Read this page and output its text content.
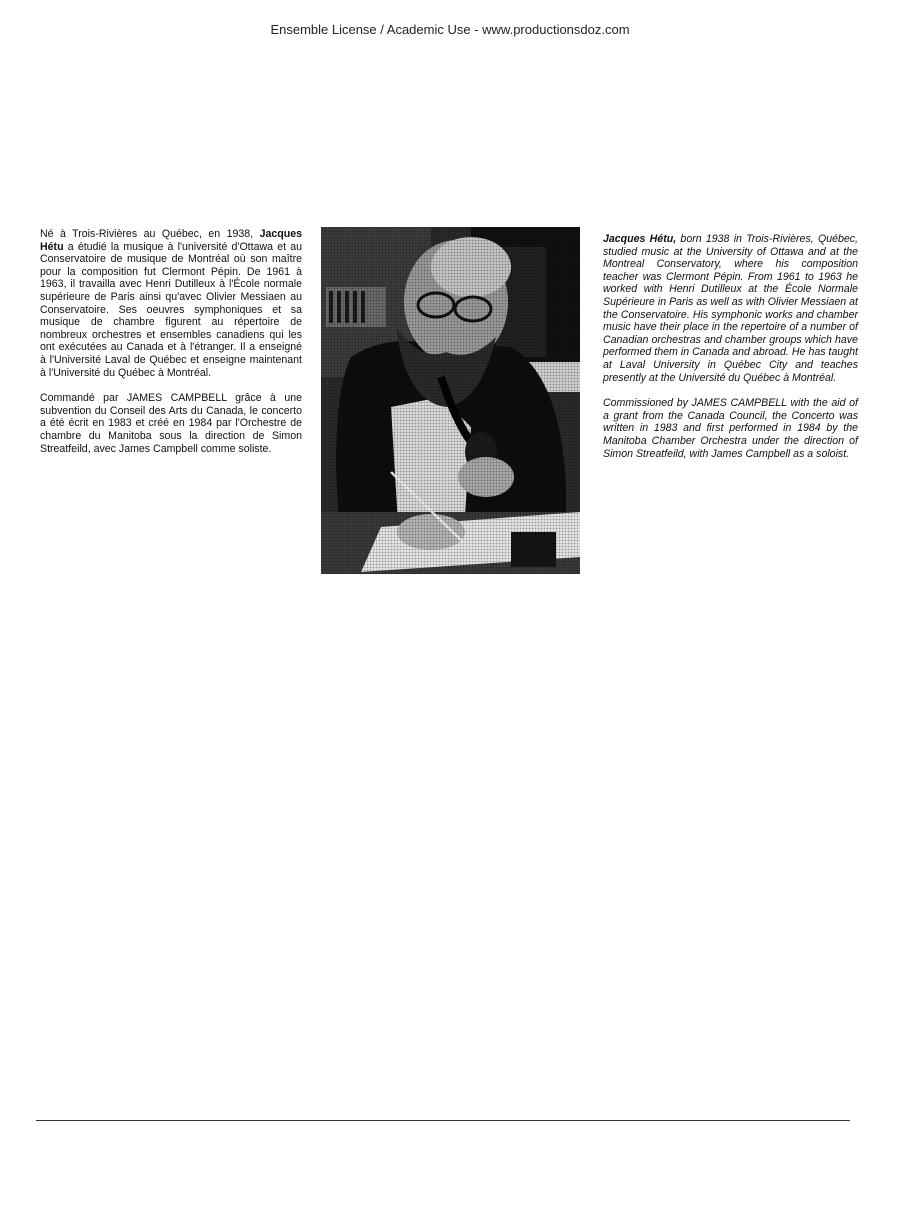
Ensemble License / Academic Use - www.productionsdoz.com

Né à Trois-Rivières au Québec, en 1938, Jacques Hétu a étudié la musique à l'université d'Ottawa et au Conservatoire de musique de Montréal où son maître pour la composition fut Clermont Pépin. De 1961 à 1963, il travailla avec Henri Dutilleux à l'École normale supérieure de Paris ainsi qu'avec Olivier Messiaen au Conservatoire. Ses oeuvres symphoniques et sa musique de chambre figurent au répertoire de nombreux orchestres et ensembles canadiens qui les ont exécutées au Canada et à l'étranger. Il a enseigné à l'Université Laval de Québec et enseigne maintenant à l'Université du Québec à Montréal.

Commandé par JAMES CAMPBELL grâce à une subvention du Conseil des Arts du Canada, le concerto a été écrit en 1983 et créé en 1984 par l'Orchestre de chambre du Manitoba sous la direction de Simon Streatfeild, avec James Campbell comme soliste.

Jacques Hétu, born 1938 in Trois-Rivières, Québec, studied music at the University of Ottawa and at the Montreal Conservatory, where his composition teacher was Clermont Pépin. From 1961 to 1963 he worked with Henri Dutilleux at the École Normale Supérieure in Paris as well as with Olivier Messiaen at the Conservatoire. His symphonic works and chamber music have their place in the repertoire of a number of Canadian orchestras and chamber groups which have performed them in Canada and abroad. He has taught at Laval University in Québec City and teaches presently at the Université du Québec à Montréal.

Commissioned by JAMES CAMPBELL with the aid of a grant from the Canada Council, the Concerto was written in 1983 and first performed in 1984 by the Manitoba Chamber Orchestra under the direction of Simon Streatfeild, with James Campbell as a soloist.
